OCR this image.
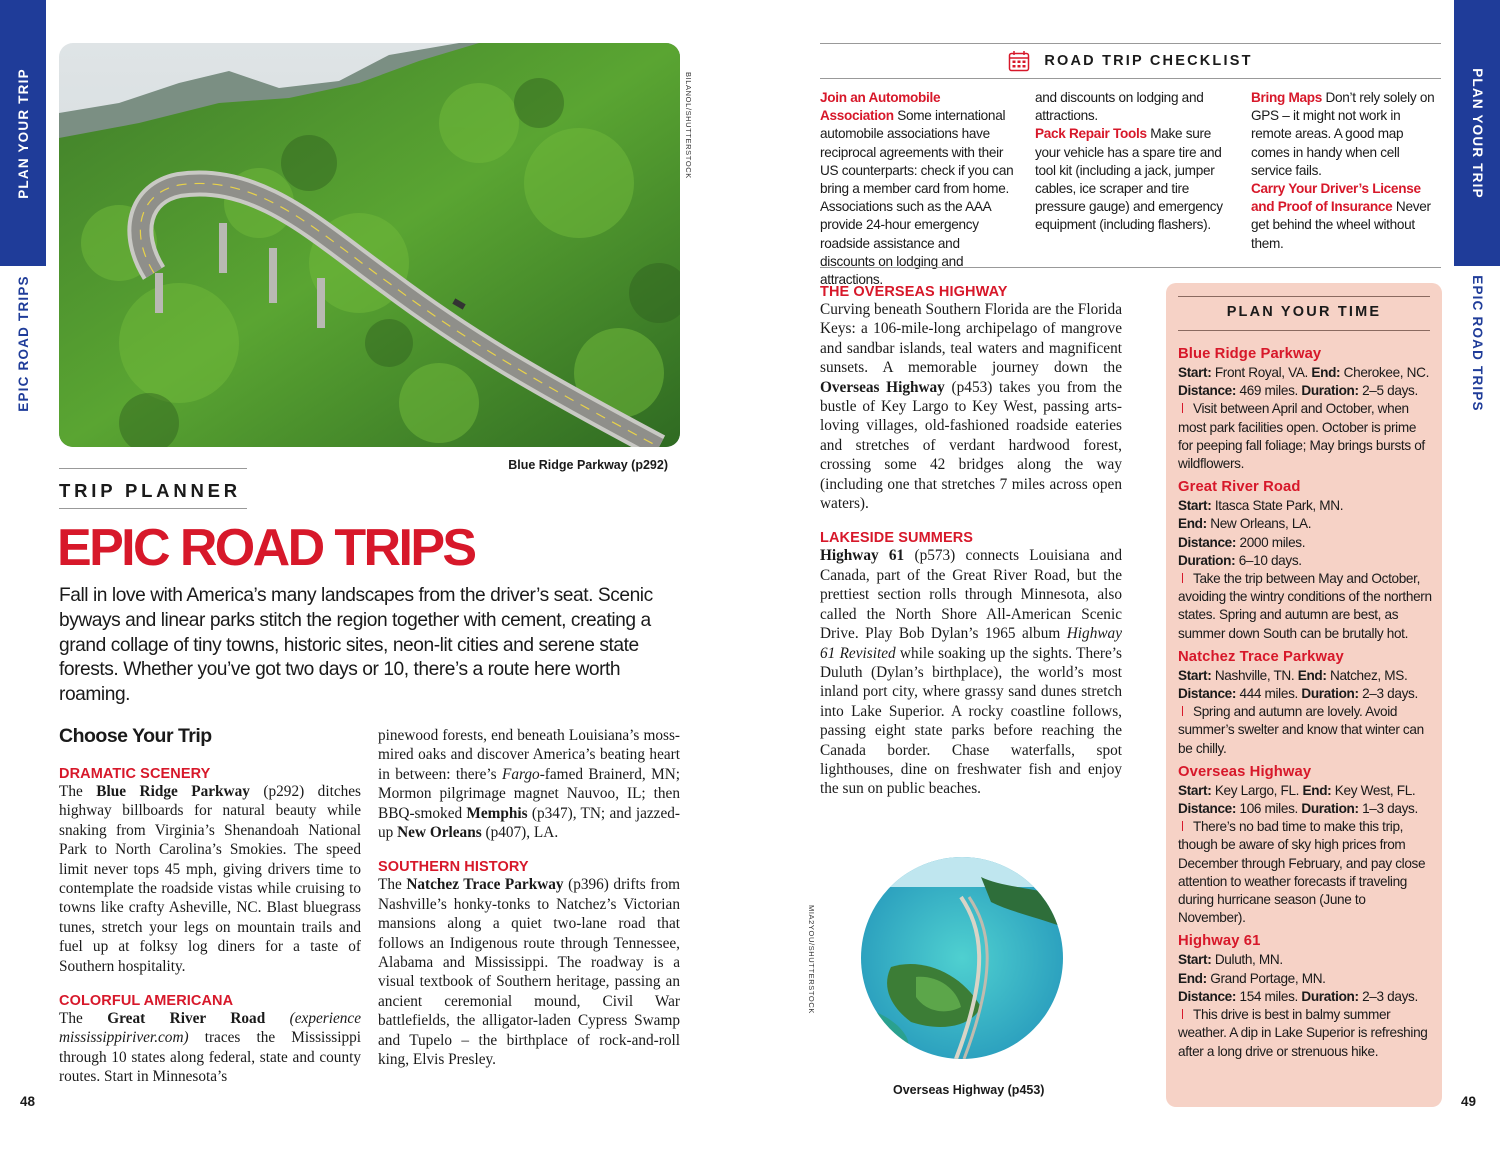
PLAN YOUR TRIP
EPIC ROAD TRIPS
PLAN YOUR TRIP
EPIC ROAD TRIPS
BILANOL/SHUTTERSTOCK
Blue Ridge Parkway (p292)
TRIP PLANNER
EPIC ROAD TRIPS

Fall in love with America’s many landscapes from the driver’s seat. Scenic byways and linear parks stitch the region together with cement, creating a grand collage of tiny towns, historic sites, neon-lit cities and serene state forests. Whether you’ve got two days or 10, there’s a route here worth roaming.

Choose Your Trip

DRAMATIC SCENERY

The Blue Ridge Parkway (p292) ditches highway billboards for natural beauty while snaking from Virginia’s Shenandoah National Park to North Carolina’s Smokies. The speed limit never tops 45 mph, giving drivers time to contemplate the roadside vistas while cruising to towns like crafty Asheville, NC. Blast bluegrass tunes, stretch your legs on mountain trails and fuel up at folksy log diners for a taste of Southern hospitality.

COLORFUL AMERICANA

The Great River Road (experience mississippiriver.com) traces the Mississippi through 10 states along federal, state and county routes. Start in Minnesota’s

pinewood forests, end beneath Louisiana’s moss-mired oaks and discover America’s beating heart in between: there’s Fargo-famed Brainerd, MN; Mormon pilgrimage magnet Nauvoo, IL; then BBQ-smoked Memphis (p347), TN; and jazzed-up New Orleans (p407), LA.

SOUTHERN HISTORY

The Natchez Trace Parkway (p396) drifts from Nashville’s honky-tonks to Natchez’s Victorian mansions along a quiet two-lane road that follows an Indigenous route through Tennessee, Alabama and Mississippi. The roadway is a visual textbook of Southern heritage, passing an ancient ceremonial mound, Civil War battlefields, the alligator-laden Cypress Swamp and Tupelo – the birthplace of rock-and-roll king, Elvis Presley.

48
ROAD TRIP CHECKLIST

Join an Automobile Association Some international automobile associations have reciprocal agreements with their US counterparts: check if you can bring a member card from home. Associations such as the AAA provide 24-hour emergency roadside assistance and discounts on lodging and attractions.

and discounts on lodging and attractions.

Pack Repair Tools Make sure your vehicle has a spare tire and tool kit (including a jack, jumper cables, ice scraper and tire pressure gauge) and emergency equipment (including flashers).

Bring Maps Don’t rely solely on GPS – it might not work in remote areas. A good map comes in handy when cell service fails.

Carry Your Driver’s License and Proof of Insurance Never get behind the wheel without them.

THE OVERSEAS HIGHWAY

Curving beneath Southern Florida are the Florida Keys: a 106-mile-long archipelago of mangrove and sandbar islands, teal waters and magnificent sunsets. A memorable journey down the Overseas Highway (p453) takes you from the bustle of Key Largo to Key West, passing arts-loving villages, old-fashioned roadside eateries and stretches of verdant hardwood forest, crossing some 42 bridges along the way (including one that stretches 7 miles across open waters).

LAKESIDE SUMMERS

Highway 61 (p573) connects Louisiana and Canada, part of the Great River Road, but the prettiest section rolls through Minnesota, also called the North Shore All-American Scenic Drive. Play Bob Dylan’s 1965 album Highway 61 Revisited while soaking up the sights. There’s Duluth (Dylan’s birthplace), the world’s most inland port city, where grassy sand dunes stretch into Lake Superior. A rocky coastline follows, passing eight state parks before reaching the Canada border. Chase waterfalls, spot lighthouses, dine on freshwater fish and enjoy the sun on public beaches.

MIA2YOU/SHUTTERSTOCK
Overseas Highway (p453)
PLAN YOUR TIME
Blue Ridge Parkway

Start: Front Royal, VA. End: Cherokee, NC.

Distance: 469 miles. Duration: 2–5 days.

Visit between April and October, when most park facilities open. October is prime for peeping fall foliage; May brings bursts of wildflowers.

Great River Road

Start: Itasca State Park, MN.

End: New Orleans, LA.

Distance: 2000 miles.

Duration: 6–10 days.

Take the trip between May and October, avoiding the wintry conditions of the northern states. Spring and autumn are best, as summer down South can be brutally hot.

Natchez Trace Parkway

Start: Nashville, TN. End: Natchez, MS.

Distance: 444 miles. Duration: 2–3 days.

Spring and autumn are lovely. Avoid summer’s swelter and know that winter can be chilly.

Overseas Highway

Start: Key Largo, FL. End: Key West, FL.

Distance: 106 miles. Duration: 1–3 days.

There’s no bad time to make this trip, though be aware of sky high prices from December through February, and pay close attention to weather forecasts if traveling during hurricane season (June to November).

Highway 61

Start: Duluth, MN.

End: Grand Portage, MN.

Distance: 154 miles. Duration: 2–3 days.

This drive is best in balmy summer weather. A dip in Lake Superior is refreshing after a long drive or strenuous hike.

49
